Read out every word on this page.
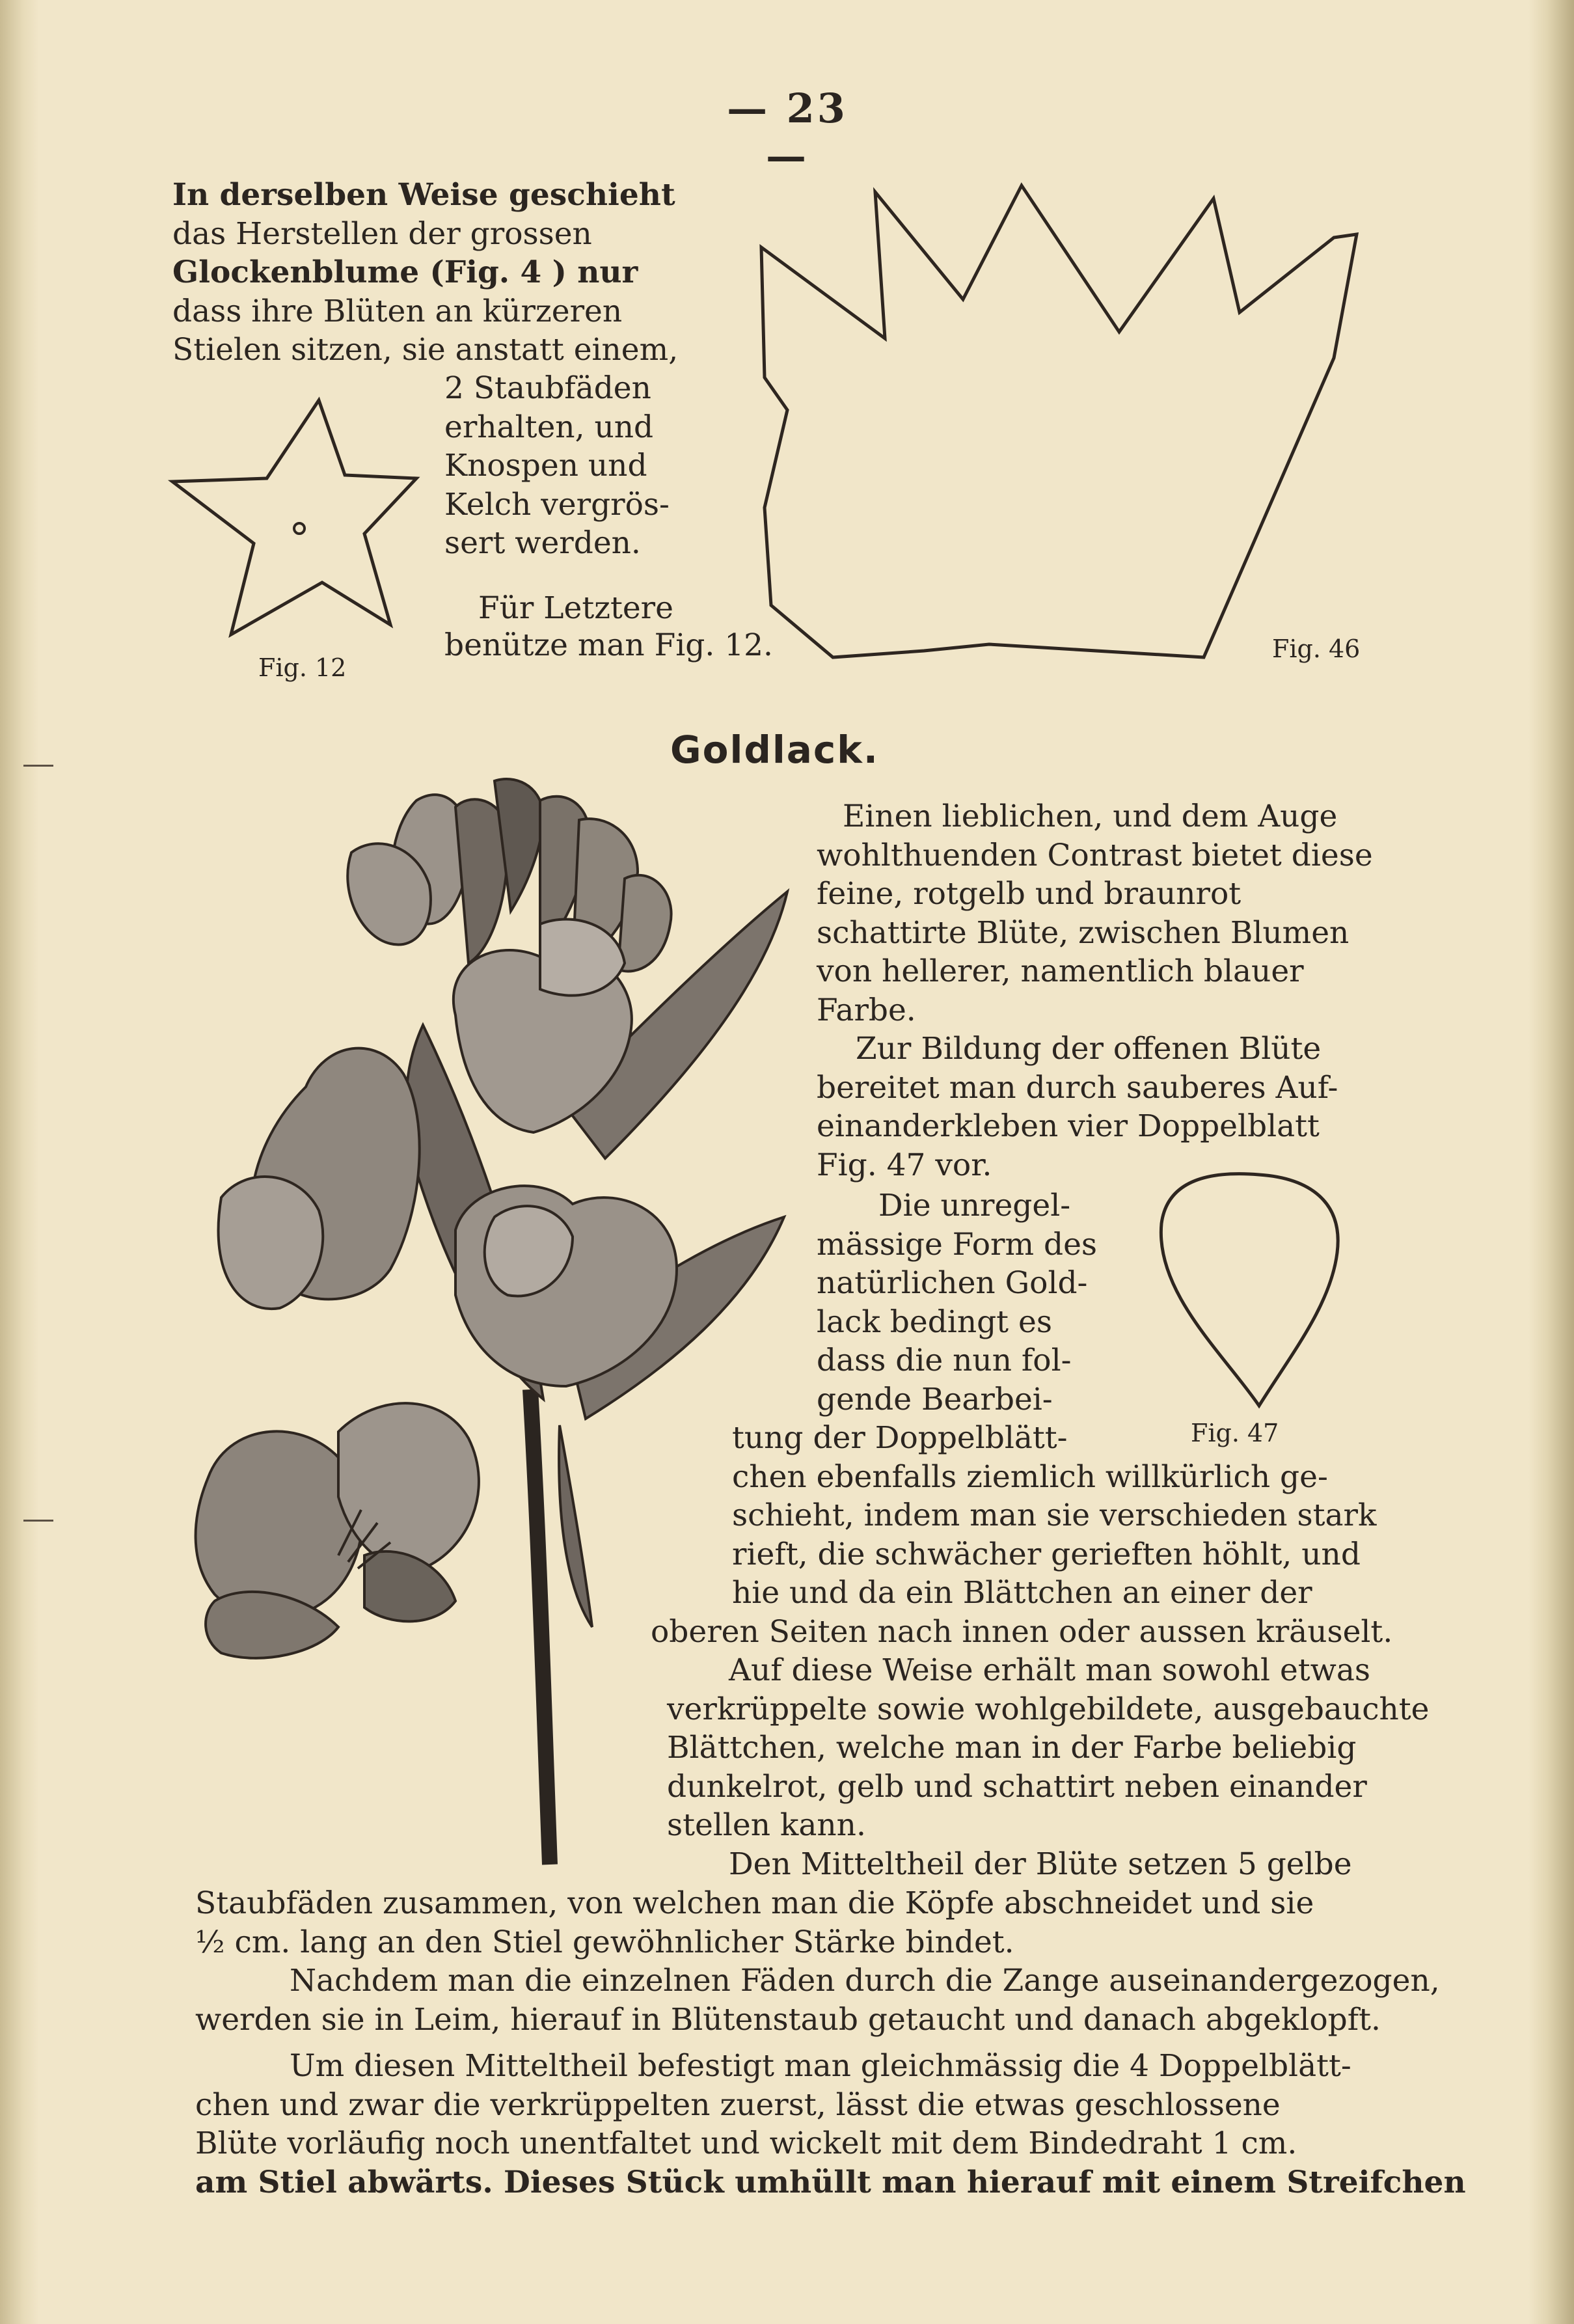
— 23 —

In derselben Weise geschieht
das Herstellen der grossen
Glockenblume (Fig. 4 ) nur
dass ihre Blüten an kürzeren
Stielen sitzen, sie anstatt einem,

2 Staubfäden
erhalten, und
Knospen und
Kelch vergrös-
sert werden.

Für Letztere

benütze man Fig. 12.

Fig. 12
Fig. 46
Fig. 47
Goldlack.

Einen lieblichen, und dem Auge
wohlthuenden Contrast bietet diese
feine, rotgelb und braunrot
schattirte Blüte, zwischen Blumen
von hellerer, namentlich blauer
Farbe.
Zur Bildung der offenen Blüte
bereitet man durch sauberes Auf-
einanderkleben vier Doppelblatt
Fig. 47 vor.

Die unregel-
mässige Form des
natürlichen Gold-
lack bedingt es
dass die nun fol-
gende Bearbei-

tung der Doppelblätt-
chen ebenfalls ziemlich willkürlich ge-
schieht, indem man sie verschieden stark
rieft, die schwächer gerieften höhlt, und
hie und da ein Blättchen an einer der

oberen Seiten nach innen oder aussen kräuselt.

Auf diese Weise erhält man sowohl etwas
verkrüppelte sowie wohlgebildete, ausgebauchte
Blättchen, welche man in der Farbe beliebig
dunkelrot, gelb und schattirt neben einander
stellen kann.
Den Mitteltheil der Blüte setzen 5 gelbe

Staubfäden zusammen, von welchen man die Köpfe abschneidet und sie
½ cm. lang an den Stiel gewöhnlicher Stärke bindet.
Nachdem man die einzelnen Fäden durch die Zange auseinandergezogen,
werden sie in Leim, hierauf in Blütenstaub getaucht und danach abgeklopft.

Um diesen Mitteltheil befestigt man gleichmässig die 4 Doppelblätt-
chen und zwar die verkrüppelten zuerst, lässt die etwas geschlossene
Blüte vorläufig noch unentfaltet und wickelt mit dem Bindedraht 1 cm.
am Stiel abwärts. Dieses Stück umhüllt man hierauf mit einem Streifchen
